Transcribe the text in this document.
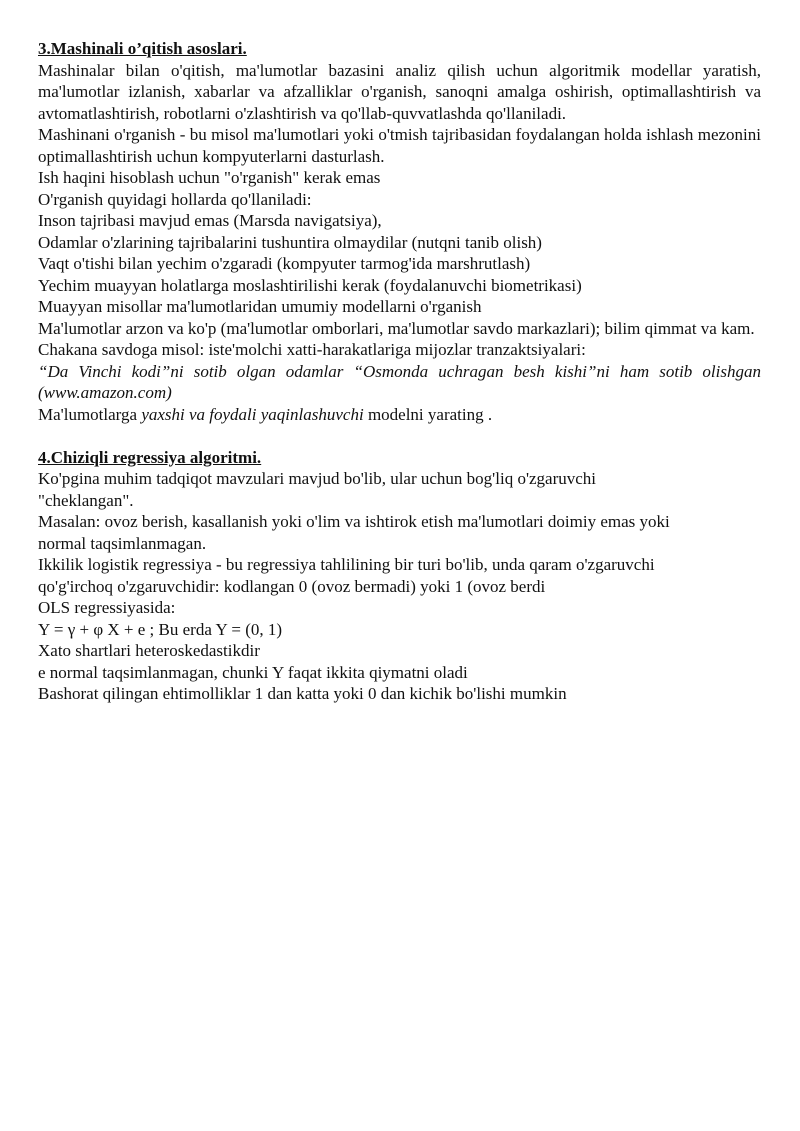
3.Mashinali o’qitish asoslari.
Mashinalar bilan o'qitish, ma'lumotlar bazasini analiz qilish uchun algoritmik modellar yaratish, ma'lumotlar izlanish, xabarlar va afzalliklar o'rganish, sanoqni amalga oshirish, optimallashtirish va avtomatlashtirish, robotlarni o'zlashtirish va qo'llab-quvvatlashda qo'llaniladi.
Mashinani o'rganish - bu misol ma'lumotlari yoki o'tmish tajribasidan foydalangan holda ishlash mezonini optimallashtirish uchun kompyuterlarni dasturlash.
Ish haqini hisoblash uchun "o'rganish" kerak emas
O'rganish quyidagi hollarda qo'llaniladi:
Inson tajribasi mavjud emas (Marsda navigatsiya),
Odamlar o'zlarining tajribalarini tushuntira olmaydilar (nutqni tanib olish)
Vaqt o'tishi bilan yechim o'zgaradi (kompyuter tarmog'ida marshrutlash)
Yechim muayyan holatlarga moslashtirilishi kerak (foydalanuvchi biometrikasi)
Muayyan misollar ma'lumotlaridan umumiy modellarni o'rganish
Ma'lumotlar arzon va ko'p (ma'lumotlar omborlari, ma'lumotlar savdo markazlari); bilim qimmat va kam.
Chakana savdoga misol: iste'molchi xatti-harakatlariga mijozlar tranzaktsiyalari:
“Da Vinchi kodi”ni sotib olgan odamlar “Osmonda uchragan besh kishi”ni ham sotib olishgan (www.amazon.com)
Ma'lumotlarga yaxshi va foydali yaqinlashuvchi modelni yarating .
4.Chiziqli regressiya algoritmi.
Ko'pgina muhim tadqiqot mavzulari mavjud bo'lib, ular uchun bog'liq o'zgaruvchi
"cheklangan".
Masalan: ovoz berish, kasallanish yoki o'lim va ishtirok etish ma'lumotlari doimiy emas yoki
normal taqsimlanmagan.
Ikkilik logistik regressiya - bu regressiya tahlilining bir turi bo'lib, unda qaram o'zgaruvchi
qo'g'irchoq o'zgaruvchidir: kodlangan 0 (ovoz bermadi) yoki 1 (ovoz berdi
OLS regressiyasida:
Y = γ + φ X + e ; Bu erda Y = (0, 1)
Xato shartlari heteroskedastikdir
e normal taqsimlanmagan, chunki Y faqat ikkita qiymatni oladi
Bashorat qilingan ehtimolliklar 1 dan katta yoki 0 dan kichik bo'lishi mumkin
